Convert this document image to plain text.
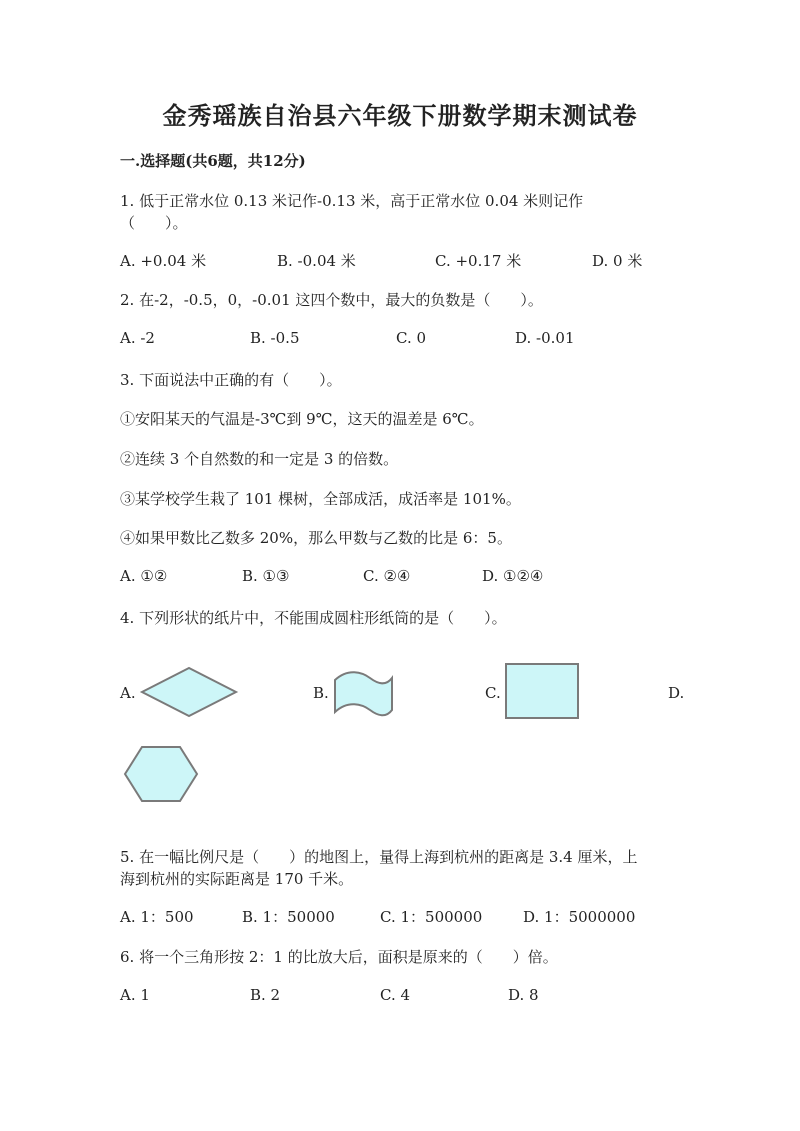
金秀瑶族自治县六年级下册数学期末测试卷
一.选择题(共6题，共12分)
1. 低于正常水位 0.13 米记作-0.13 米，高于正常水位 0.04 米则记作
（　　）。
A. +0.04 米	B. -0.04 米	C. +0.17 米	D. 0 米
2. 在-2，-0.5，0，-0.01 这四个数中，最大的负数是（　　）。
A. -2	B. -0.5	C. 0	D. -0.01
3. 下面说法中正确的有（　　）。
①安阳某天的气温是-3℃到 9℃，这天的温差是 6℃。
②连续 3 个自然数的和一定是 3 的倍数。
③某学校学生栽了 101 棵树，全部成活，成活率是 101%。
④如果甲数比乙数多 20%，那么甲数与乙数的比是 6：5。
A. ①②	B. ①③	C. ②④	D. ①②④
4. 下列形状的纸片中，不能围成圆柱形纸筒的是（　　）。
A.	B.	C.	D.
5. 在一幅比例尺是（　　）的地图上，量得上海到杭州的距离是 3.4 厘米，上
海到杭州的实际距离是 170 千米。
A. 1：500	B. 1：50000	C. 1：500000	D. 1：5000000
6. 将一个三角形按 2：1 的比放大后，面积是原来的（　　）倍。
A. 1	B. 2	C. 4	D. 8
